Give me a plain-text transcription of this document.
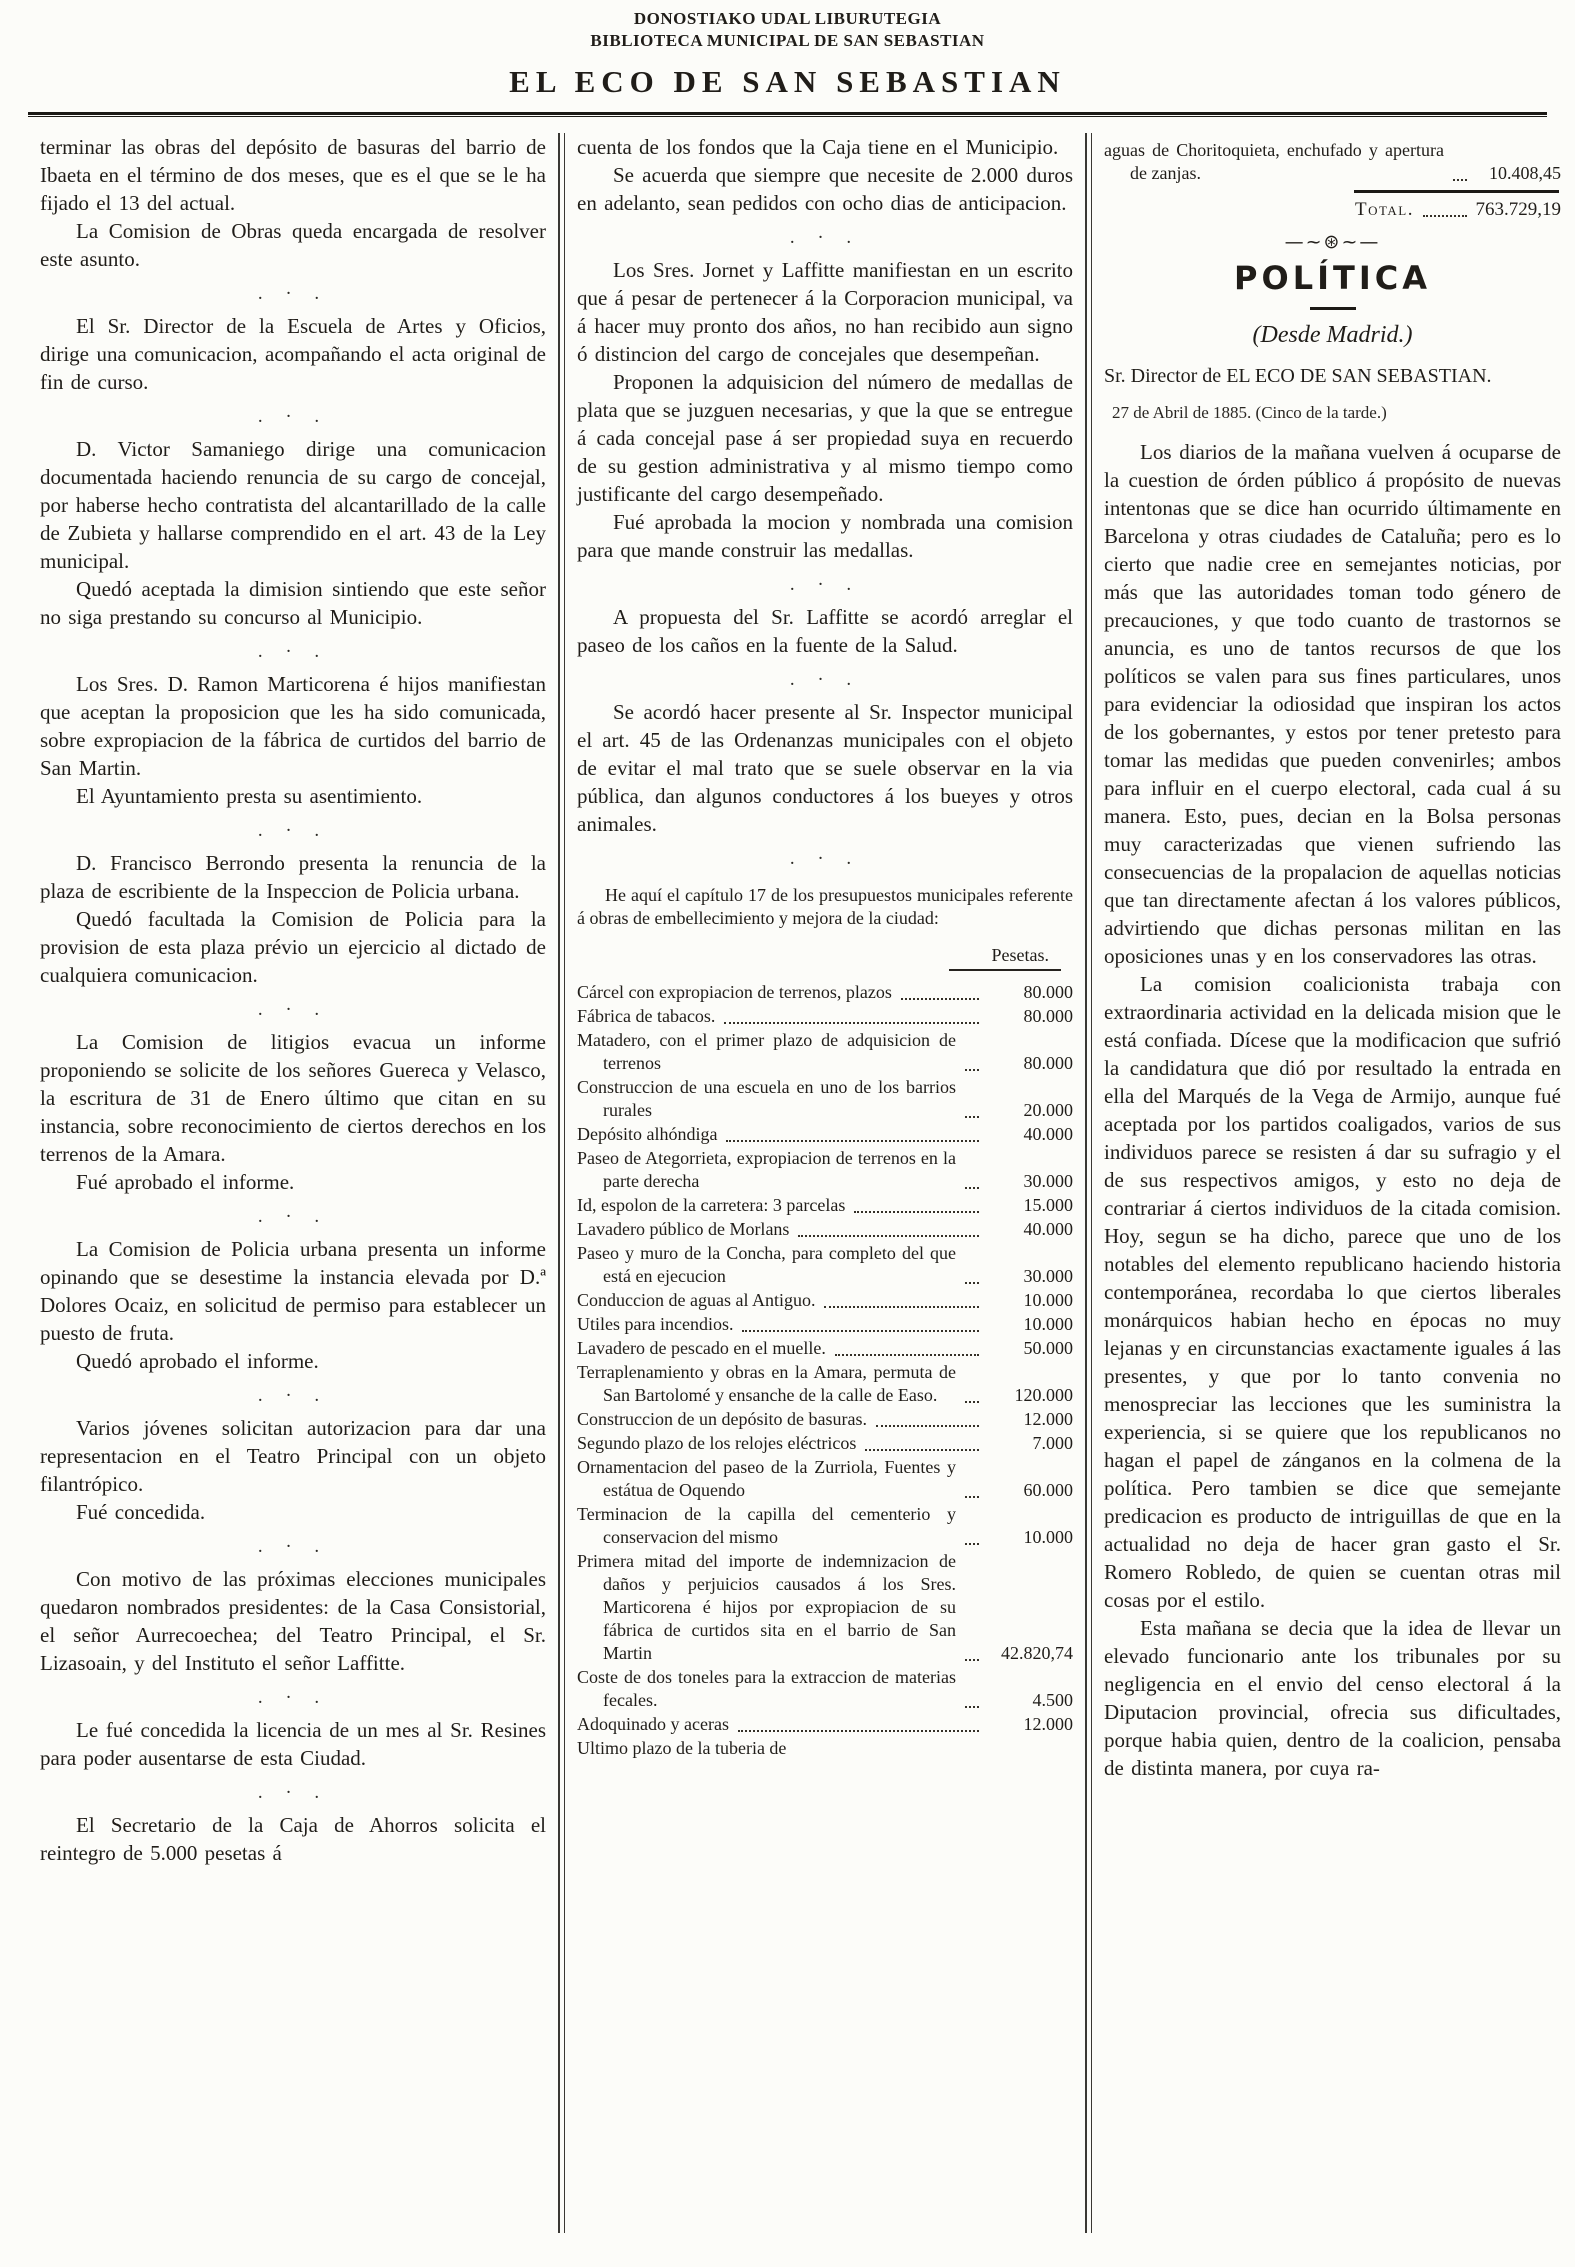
DONOSTIAKO UDAL LIBURUTEGIA
BIBLIOTECA MUNICIPAL DE SAN SEBASTIAN
EL ECO DE SAN SEBASTIAN
terminar las obras del depósito de basuras del barrio de Ibaeta en el término de dos meses, que es el que se le ha fijado el 13 del actual.
La Comision de Obras queda encargada de resolver este asunto.
. · .
El Sr. Director de la Escuela de Artes y Oficios, dirige una comunicacion, acompañando el acta original de fin de curso.
. · .
D. Victor Samaniego dirige una comunicacion documentada haciendo renuncia de su cargo de concejal, por haberse hecho contratista del alcantarillado de la calle de Zubieta y hallarse comprendido en el art. 43 de la Ley municipal.
Quedó aceptada la dimision sintiendo que este señor no siga prestando su concurso al Municipio.
. · .
Los Sres. D. Ramon Marticorena é hijos manifiestan que aceptan la proposicion que les ha sido comunicada, sobre expropiacion de la fábrica de curtidos del barrio de San Martin.
El Ayuntamiento presta su asentimiento.
. · .
D. Francisco Berrondo presenta la renuncia de la plaza de escribiente de la Inspeccion de Policia urbana.
Quedó facultada la Comision de Policia para la provision de esta plaza prévio un ejercicio al dictado de cualquiera comunicacion.
. · .
La Comision de litigios evacua un informe proponiendo se solicite de los señores Guereca y Velasco, la escritura de 31 de Enero último que citan en su instancia, sobre reconocimiento de ciertos derechos en los terrenos de la Amara.
Fué aprobado el informe.
. · .
La Comision de Policia urbana presenta un informe opinando que se desestime la instancia elevada por D.ª Dolores Ocaiz, en solicitud de permiso para establecer un puesto de fruta.
Quedó aprobado el informe.
. · .
Varios jóvenes solicitan autorizacion para dar una representacion en el Teatro Principal con un objeto filantrópico.
Fué concedida.
. · .
Con motivo de las próximas elecciones municipales quedaron nombrados presidentes: de la Casa Consistorial, el señor Aurrecoechea; del Teatro Principal, el Sr. Lizasoain, y del Instituto el señor Laffitte.
. · .
Le fué concedida la licencia de un mes al Sr. Resines para poder ausentarse de esta Ciudad.
. · .
El Secretario de la Caja de Ahorros solicita el reintegro de 5.000 pesetas á
cuenta de los fondos que la Caja tiene en el Municipio.
Se acuerda que siempre que necesite de 2.000 duros en adelanto, sean pedidos con ocho dias de anticipacion.
. · .
Los Sres. Jornet y Laffitte manifiestan en un escrito que á pesar de pertenecer á la Corporacion municipal, va á hacer muy pronto dos años, no han recibido aun signo ó distincion del cargo de concejales que desempeñan.
Proponen la adquisicion del número de medallas de plata que se juzguen necesarias, y que la que se entregue á cada concejal pase á ser propiedad suya en recuerdo de su gestion administrativa y al mismo tiempo como justificante del cargo desempeñado.
Fué aprobada la mocion y nombrada una comision para que mande construir las medallas.
. · .
A propuesta del Sr. Laffitte se acordó arreglar el paseo de los caños en la fuente de la Salud.
. · .
Se acordó hacer presente al Sr. Inspector municipal el art. 45 de las Ordenanzas municipales con el objeto de evitar el mal trato que se suele observar en la via pública, dan algunos conductores á los bueyes y otros animales.
. · .
He aquí el capítulo 17 de los presupuestos municipales referente á obras de embellecimiento y mejora de la ciudad:
Pesetas.
Cárcel con expropiacion de terrenos, plazos	80.000
Fábrica de tabacos.	80.000
Matadero, con el primer plazo de adquisicion de terrenos	80.000
Construccion de una escuela en uno de los barrios rurales	20.000
Depósito alhóndiga	40.000
Paseo de Ategorrieta, expropiacion de terrenos en la parte derecha	30.000
Id, espolon de la carretera: 3 parcelas	15.000
Lavadero público de Morlans	40.000
Paseo y muro de la Concha, para completo del que está en ejecucion	30.000
Conduccion de aguas al Antiguo.	10.000
Utiles para incendios.	10.000
Lavadero de pescado en el muelle.	50.000
Terraplenamiento y obras en la Amara, permuta de San Bartolomé y ensanche de la calle de Easo.	120.000
Construccion de un depósito de basuras.	12.000
Segundo plazo de los relojes eléctricos	7.000
Ornamentacion del paseo de la Zurriola, Fuentes y estátua de Oquendo	60.000
Terminacion de la capilla del cementerio y conservacion del mismo	10.000
Primera mitad del importe de indemnizacion de daños y perjuicios causados á los Sres. Marticorena é hijos por expropiacion de su fábrica de curtidos sita en el barrio de San Martin	42.820,74
Coste de dos toneles para la extraccion de materias fecales.	4.500
Adoquinado y aceras	12.000
Ultimo plazo de la tuberia de
aguas de Choritoquieta, enchufado y apertura de zanjas.	10.408,45
Total.	763.729,19
—~⊛~—
POLÍTICA
(Desde Madrid.)
Sr. Director de EL ECO DE SAN SEBASTIAN.
27 de Abril de 1885. (Cinco de la tarde.)
Los diarios de la mañana vuelven á ocuparse de la cuestion de órden público á propósito de nuevas intentonas que se dice han ocurrido últimamente en Barcelona y otras ciudades de Cataluña; pero es lo cierto que nadie cree en semejantes noticias, por más que las autoridades toman todo género de precauciones, y que todo cuanto de trastornos se anuncia, es uno de tantos recursos de que los políticos se valen para sus fines particulares, unos para evidenciar la odiosidad que inspiran los actos de los gobernantes, y estos por tener pretesto para tomar las medidas que pueden convenirles; ambos para influir en el cuerpo electoral, cada cual á su manera. Esto, pues, decian en la Bolsa personas muy caracterizadas que vienen sufriendo las consecuencias de la propalacion de aquellas noticias que tan directamente afectan á los valores públicos, advirtiendo que dichas personas militan en las oposiciones unas y en los conservadores las otras.
La comision coalicionista trabaja con extraordinaria actividad en la delicada mision que le está confiada. Dícese que la modificacion que sufrió la candidatura que dió por resultado la entrada en ella del Marqués de la Vega de Armijo, aunque fué aceptada por los partidos coaligados, varios de sus individuos parece se resisten á dar su sufragio y el de sus respectivos amigos, y esto no deja de contrariar á ciertos individuos de la citada comision. Hoy, segun se ha dicho, parece que uno de los notables del elemento republicano haciendo historia contemporánea, recordaba lo que ciertos liberales monárquicos habian hecho en épocas no muy lejanas y en circunstancias exactamente iguales á las presentes, y que por lo tanto convenia no menospreciar las lecciones que les suministra la experiencia, si se quiere que los republicanos no hagan el papel de zánganos en la colmena de la política. Pero tambien se dice que semejante predicacion es producto de intriguillas de que en la actualidad no deja de hacer gran gasto el Sr. Romero Robledo, de quien se cuentan otras mil cosas por el estilo.
Esta mañana se decia que la idea de llevar un elevado funcionario ante los tribunales por su negligencia en el envio del censo electoral á la Diputacion provincial, ofrecia sus dificultades, porque habia quien, dentro de la coalicion, pensaba de distinta manera, por cuya ra-
